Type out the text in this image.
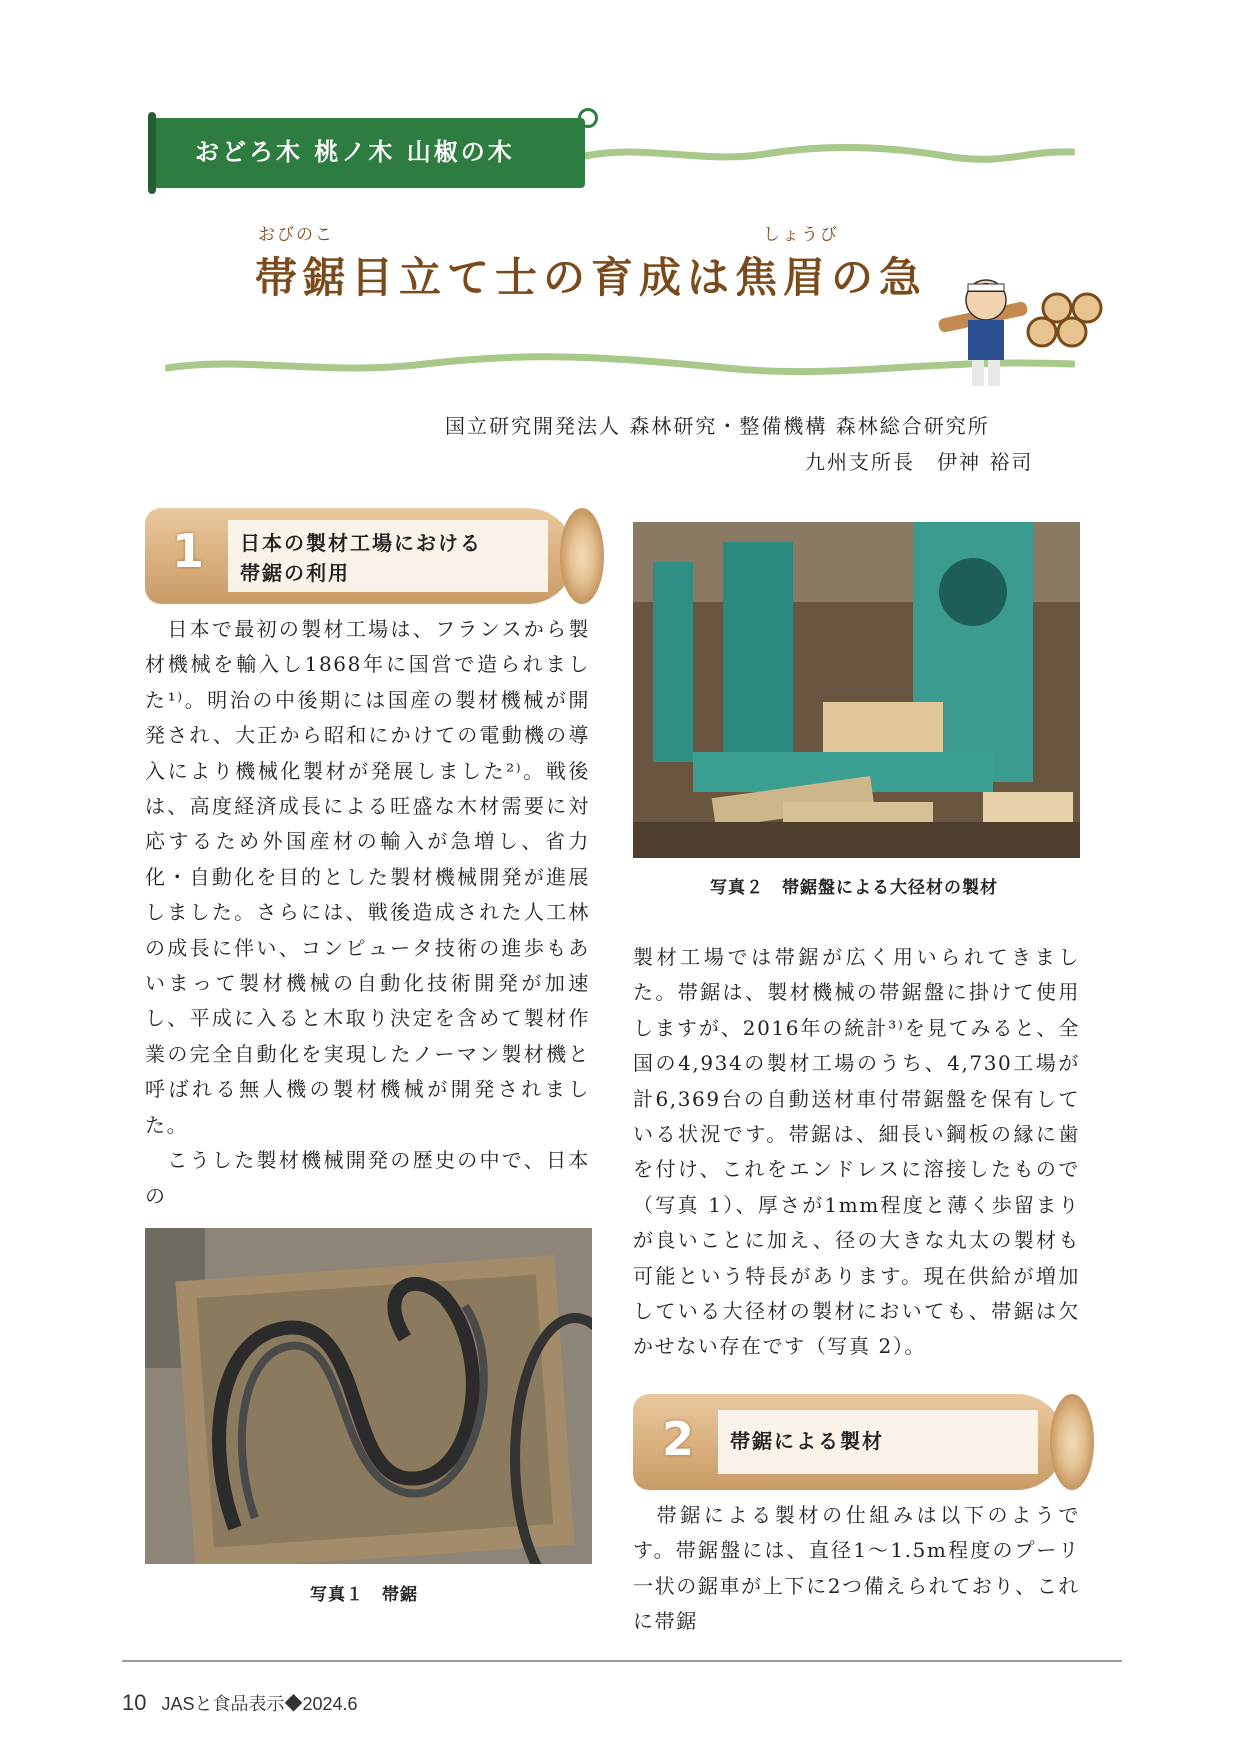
おどろ木 桃ノ木 山椒の木
おびのこ	しょうび
帯鋸目立て士の育成は焦眉の急
国立研究開発法人 森林研究・整備機構 森林総合研究所
九州支所長　伊神 裕司
1 日本の製材工場における
帯鋸の利用
　日本で最初の製材工場は、フランスから製材機械を輸入し1868年に国営で造られました¹⁾。明治の中後期には国産の製材機械が開発され、大正から昭和にかけての電動機の導入により機械化製材が発展しました²⁾。戦後は、高度経済成長による旺盛な木材需要に対応するため外国産材の輸入が急増し、省力化・自動化を目的とした製材機械開発が進展しました。さらには、戦後造成された人工林の成長に伴い、コンピュータ技術の進歩もあいまって製材機械の自動化技術開発が加速し、平成に入ると木取り決定を含めて製材作業の完全自動化を実現したノーマン製材機と呼ばれる無人機の製材機械が開発されました。
　こうした製材機械開発の歴史の中で、日本の
写真１　帯鋸
写真２　帯鋸盤による大径材の製材
製材工場では帯鋸が広く用いられてきました。帯鋸は、製材機械の帯鋸盤に掛けて使用しますが、2016年の統計³⁾を見てみると、全国の4,934の製材工場のうち、4,730工場が計6,369台の自動送材車付帯鋸盤を保有している状況です。帯鋸は、細長い鋼板の縁に歯を付け、これをエンドレスに溶接したもので（写真 1）、厚さが1mm程度と薄く歩留まりが良いことに加え、径の大きな丸太の製材も可能という特長があります。現在供給が増加している大径材の製材においても、帯鋸は欠かせない存在です（写真 2）。
2 帯鋸による製材
　帯鋸による製材の仕組みは以下のようです。帯鋸盤には、直径1〜1.5m程度のプーリ一状の鋸車が上下に2つ備えられており、これに帯鋸
10 JASと食品表示◆2024.6
